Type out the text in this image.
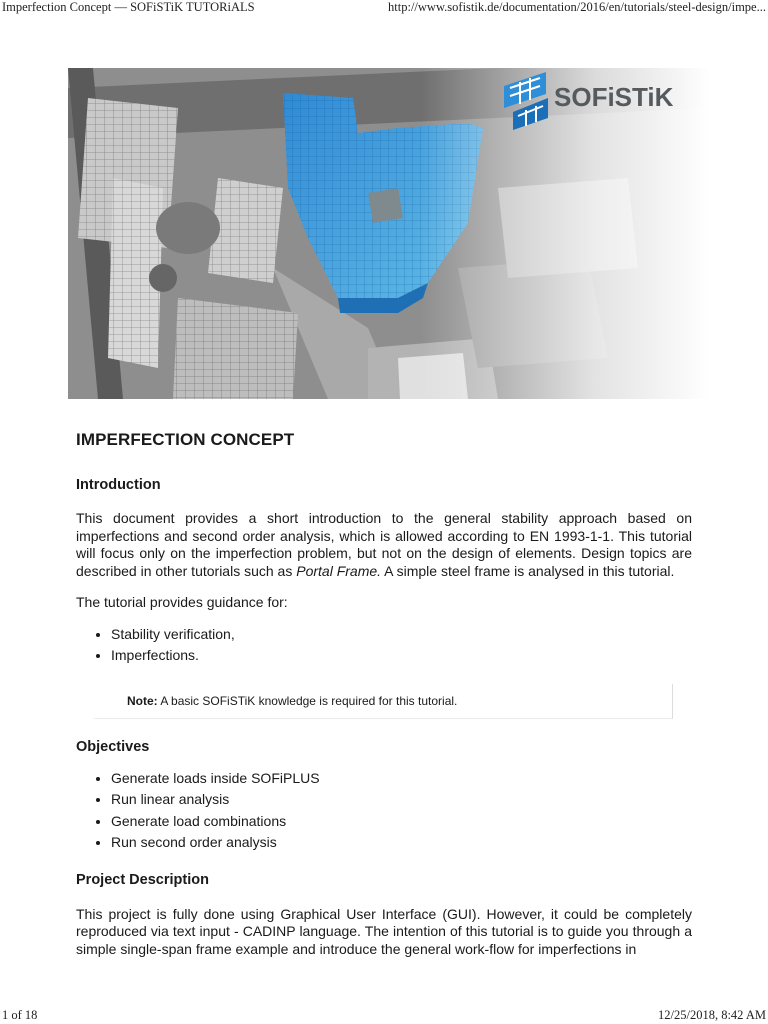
Imperfection Concept — SOFiSTiK TUTORiALS	http://www.sofistik.de/documentation/2016/en/tutorials/steel-design/impe...
SOFiSTiK
IMPERFECTION CONCEPT
Introduction

This document provides a short introduction to the general stability approach based on imperfections and second order analysis, which is allowed according to EN 1993-1-1. This tutorial will focus only on the imperfection problem, but not on the design of elements. Design topics are described in other tutorials such as Portal Frame. A simple steel frame is analysed in this tutorial.

The tutorial provides guidance for:

• Stability verification,
• Imperfections.
Note: A basic SOFiSTiK knowledge is required for this tutorial.
Objectives
• Generate loads inside SOFiPLUS
• Run linear analysis
• Generate load combinations
• Run second order analysis
Project Description

This project is fully done using Graphical User Interface (GUI). However, it could be completely reproduced via text input - CADINP language. The intention of this tutorial is to guide you through a simple single-span frame example and introduce the general work-flow for imperfections in

1 of 18	12/25/2018, 8:42 AM
